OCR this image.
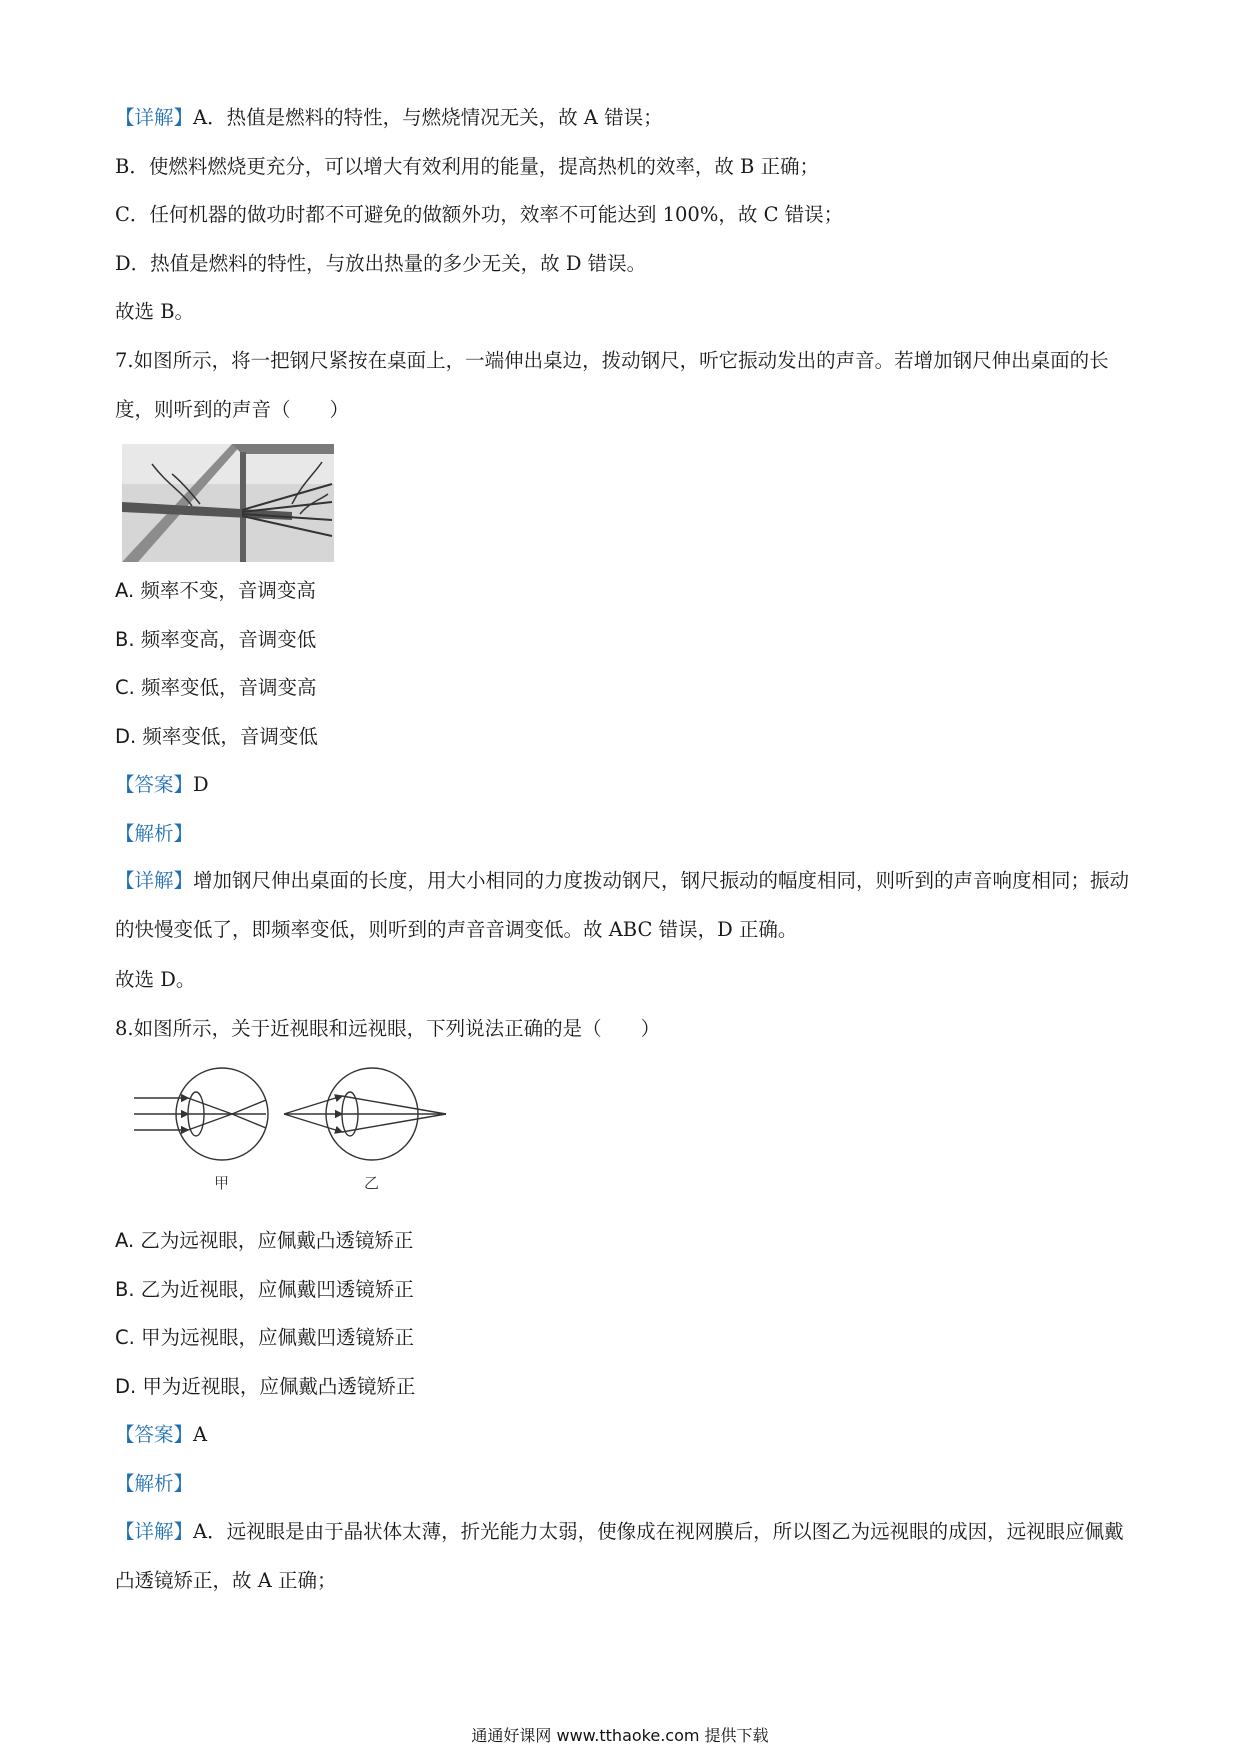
【详解】A．热值是燃料的特性，与燃烧情况无关，故 A 错误；
B．使燃料燃烧更充分，可以增大有效利用的能量，提高热机的效率，故 B 正确；
C．任何机器的做功时都不可避免的做额外功，效率不可能达到 100%，故 C 错误；
D．热值是燃料的特性，与放出热量的多少无关，故 D 错误。
故选 B。
7.如图所示，将一把钢尺紧按在桌面上，一端伸出桌边，拨动钢尺，听它振动发出的声音。若增加钢尺伸出桌面的长度，则听到的声音（　　）
A. 频率不变，音调变高
B. 频率变高，音调变低
C. 频率变低，音调变高
D. 频率变低，音调变低
【答案】D
【解析】
【详解】增加钢尺伸出桌面的长度，用大小相同的力度拨动钢尺，钢尺振动的幅度相同，则听到的声音响度相同；振动的快慢变低了，即频率变低，则听到的声音音调变低。故 ABC 错误，D 正确。
故选 D。
8.如图所示，关于近视眼和远视眼，下列说法正确的是（　　）
甲	乙
A. 乙为远视眼，应佩戴凸透镜矫正
B. 乙为近视眼，应佩戴凹透镜矫正
C. 甲为远视眼，应佩戴凹透镜矫正
D. 甲为近视眼，应佩戴凸透镜矫正
【答案】A
【解析】
【详解】A．远视眼是由于晶状体太薄，折光能力太弱，使像成在视网膜后，所以图乙为远视眼的成因，远视眼应佩戴凸透镜矫正，故 A 正确；
通通好课网 www.tthaoke.com 提供下载
